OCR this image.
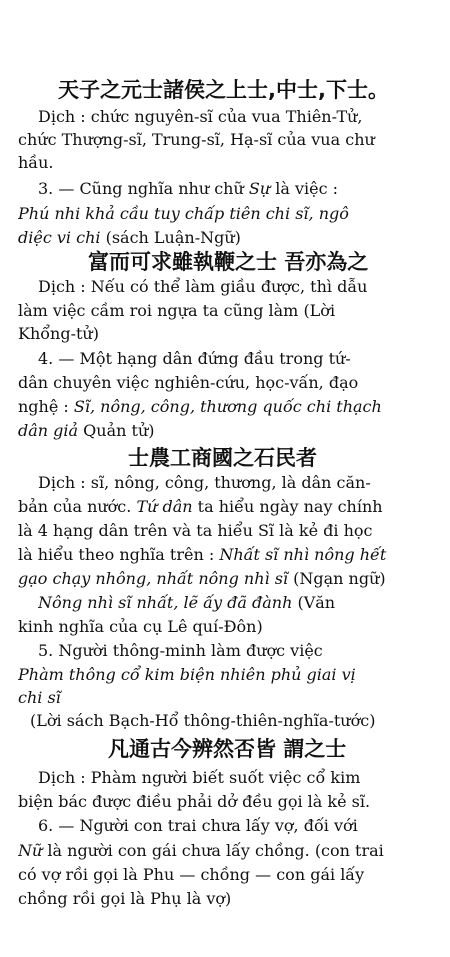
天子之元士諸侯之上士,中士,下士。
Dịch : chức nguyên-sĩ của vua Thiên-Tử,
chức Thượng-sĩ, Trung-sĩ, Hạ-sĩ của vua chư
hầu.
3. — Cũng nghĩa như chữ Sự là việc :
Phú nhi khả cầu tuy chấp tiên chi sĩ, ngô
diệc vi chi (sách Luận-Ngữ)
富而可求雖執鞭之士 吾亦為之
Dịch : Nếu có thể làm giầu được, thì dẫu
làm việc cầm roi ngựa ta cũng làm (Lời
Khổng-tử)
4. — Một hạng dân đứng đầu trong tứ-
dân chuyên việc nghiên-cứu, học-vấn, đạo
nghệ : Sĩ, nông, công, thương quốc chi thạch
dân giả Quản tử)
士農工商國之石民者
Dịch : sĩ, nông, công, thương, là dân căn-
bản của nước. Tứ dân ta hiểu ngày nay chính
là 4 hạng dân trên và ta hiểu Sĩ là kẻ đi học
là hiểu theo nghĩa trên : Nhất sĩ nhì nông hết
gạo chạy nhông, nhất nông nhì sĩ (Ngạn ngữ)
Nông nhì sĩ nhất, lẽ ấy đã đành (Văn
kinh nghĩa của cụ Lê quí-Đôn)
5. Người thông-minh làm được việc
Phàm thông cổ kim biện nhiên phủ giai vị
chi sĩ
(Lời sách Bạch-Hổ thông-thiên-nghĩa-tước)
凡通古今辨然否皆 謂之士
Dịch : Phàm người biết suốt việc cổ kim
biện bác được điều phải dở đều gọi là kẻ sĩ.
6. — Người con trai chưa lấy vợ, đối với
Nữ là người con gái chưa lấy chồng. (con trai
có vợ rồi gọi là Phu — chồng — con gái lấy
chồng rồi gọi là Phụ là vợ)
